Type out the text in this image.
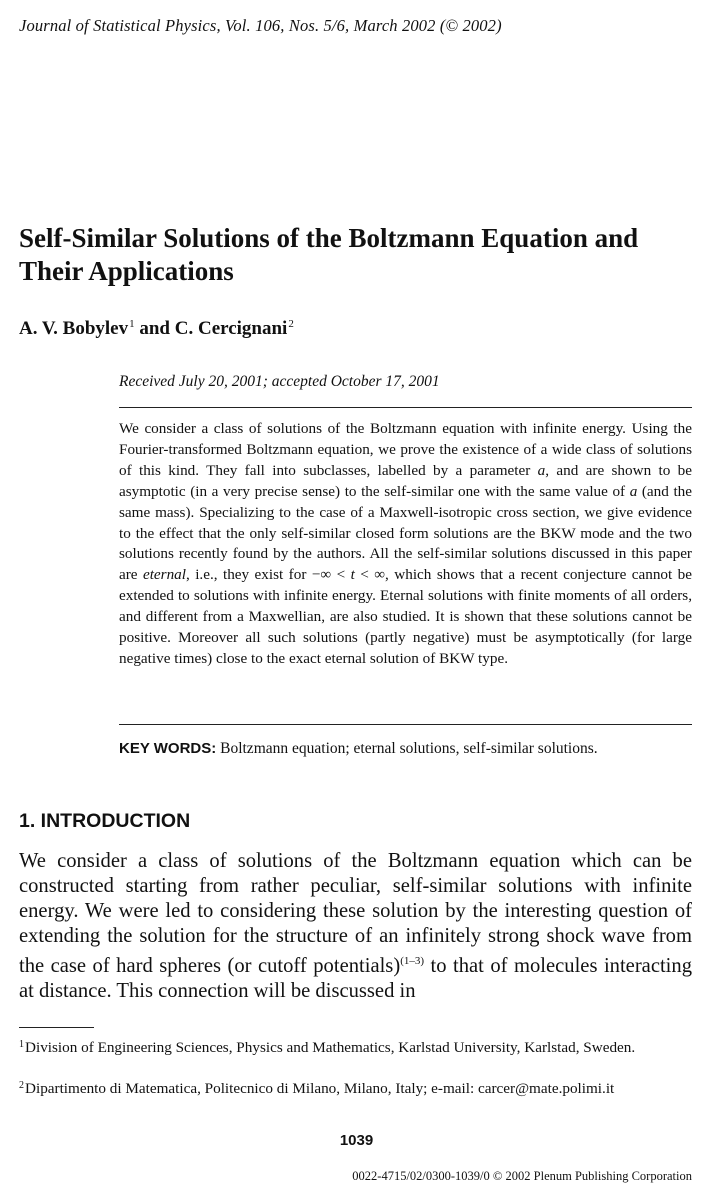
Journal of Statistical Physics, Vol. 106, Nos. 5/6, March 2002 (© 2002)
Self-Similar Solutions of the Boltzmann Equation and
Their Applications
A. V. Bobylev$^1$ and C. Cercignani$^2$
Received July 20, 2001; accepted October 17, 2001

We consider a class of solutions of the Boltzmann equation with infinite energy. Using the Fourier-transformed Boltzmann equation, we prove the existence of a wide class of solutions of this kind. They fall into subclasses, labelled by a parameter a, and are shown to be asymptotic (in a very precise sense) to the self-similar one with the same value of a (and the same mass). Specializing to the case of a Maxwell-isotropic cross section, we give evidence to the effect that the only self-similar closed form solutions are the BKW mode and the two solutions recently found by the authors. All the self-similar solutions discussed in this paper are eternal, i.e., they exist for −∞ < t < ∞, which shows that a recent conjecture cannot be extended to solutions with infinite energy. Eternal solutions with finite moments of all orders, and different from a Maxwellian, are also studied. It is shown that these solutions cannot be positive. Moreover all such solutions (partly negative) must be asymptotically (for large negative times) close to the exact eternal solution of BKW type.

KEY WORDS: Boltzmann equation; eternal solutions, self-similar solutions.
1. INTRODUCTION

We consider a class of solutions of the Boltzmann equation which can be constructed starting from rather peculiar, self-similar solutions with infinite energy. We were led to considering these solution by the interesting question of extending the solution for the structure of an infinitely strong shock wave from the case of hard spheres (or cutoff potentials)$^{(1-3)}$ to that of molecules interacting at distance. This connection will be discussed in

$^1$Division of Engineering Sciences, Physics and Mathematics, Karlstad University, Karlstad, Sweden.

$^2$Dipartimento di Matematica, Politecnico di Milano, Milano, Italy; e-mail: carcer@mate.polimi.it

1039
0022-4715/02/0300-1039/0 © 2002 Plenum Publishing Corporation
